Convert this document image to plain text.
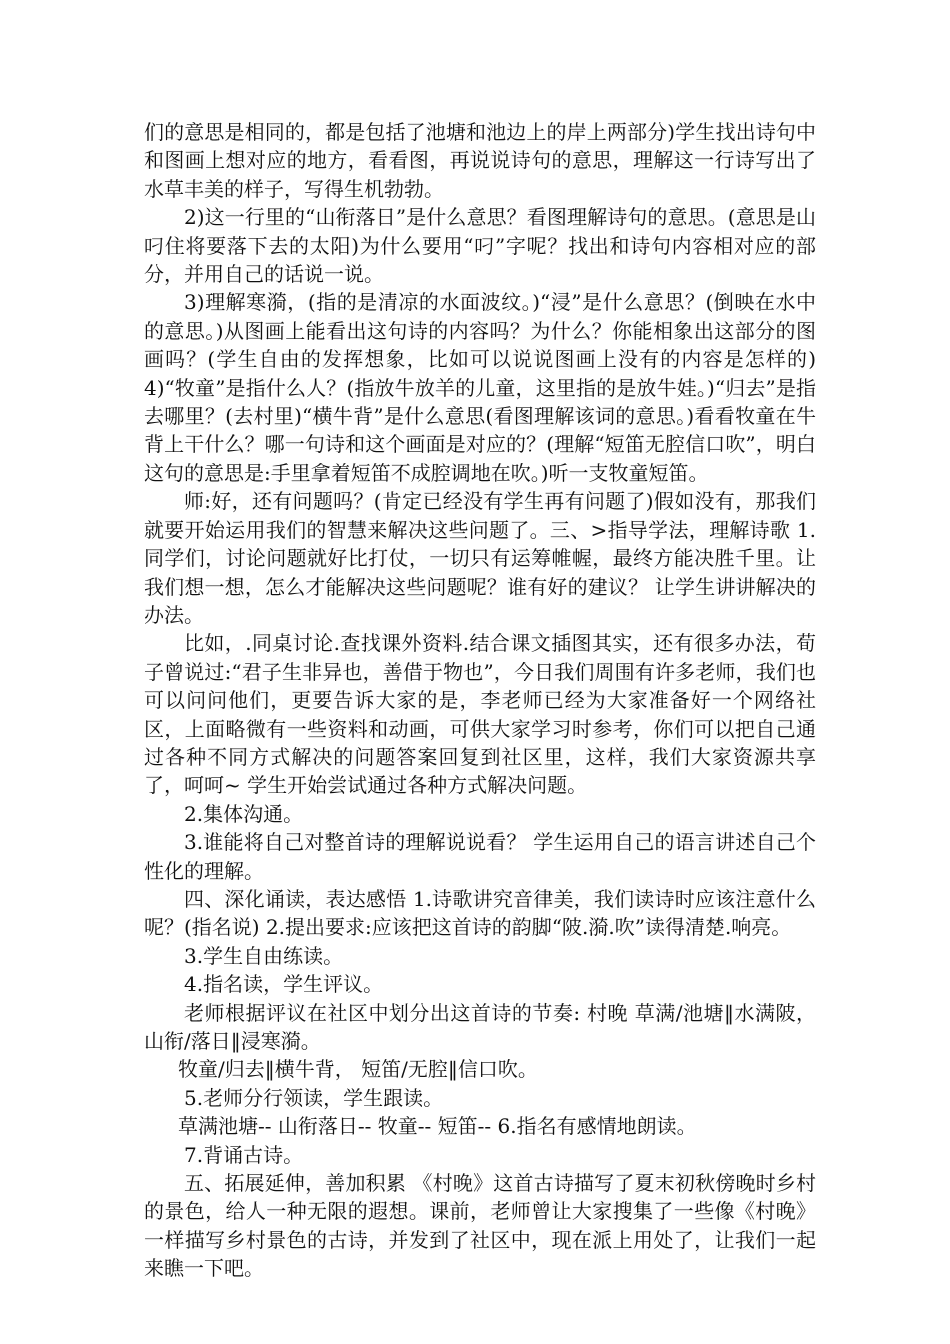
们的意思是相同的，都是包括了池塘和池边上的岸上两部分)学生找出诗句中和图画上想对应的地方，看看图，再说说诗句的意思，理解这一行诗写出了水草丰美的样子，写得生机勃勃。

2)这一行里的“山衔落日”是什么意思？看图理解诗句的意思。(意思是山叼住将要落下去的太阳)为什么要用“叼”字呢？找出和诗句内容相对应的部分，并用自己的话说一说。

3)理解寒漪，(指的是清凉的水面波纹。)“浸”是什么意思？(倒映在水中的意思。)从图画上能看出这句诗的内容吗？为什么？你能相象出这部分的图画吗？(学生自由的发挥想象，比如可以说说图画上没有的内容是怎样的) 4)“牧童”是指什么人？(指放牛放羊的儿童，这里指的是放牛娃。)“归去”是指去哪里？(去村里)“横牛背”是什么意思(看图理解该词的意思。)看看牧童在牛背上干什么？哪一句诗和这个画面是对应的？(理解“短笛无腔信口吹”，明白这句的意思是:手里拿着短笛不成腔调地在吹。)听一支牧童短笛。

师:好，还有问题吗？(肯定已经没有学生再有问题了)假如没有，那我们就要开始运用我们的智慧来解决这些问题了。三、>指导学法，理解诗歌 1.同学们，讨论问题就好比打仗，一切只有运筹帷幄，最终方能决胜千里。让我们想一想，怎么才能解决这些问题呢？谁有好的建议？ 让学生讲讲解决的办法。

比如，.同桌讨论.查找课外资料.结合课文插图其实，还有很多办法，荀子曾说过:“君子生非异也，善借于物也”，今日我们周围有许多老师，我们也可以问问他们，更要告诉大家的是，李老师已经为大家准备好一个网络社区，上面略微有一些资料和动画，可供大家学习时参考，你们可以把自己通过各种不同方式解决的问题答案回复到社区里，这样，我们大家资源共享了，呵呵~ 学生开始尝试通过各种方式解决问题。

2.集体沟通。

3.谁能将自己对整首诗的理解说说看？ 学生运用自己的语言讲述自己个性化的理解。

四、深化诵读，表达感悟 1.诗歌讲究音律美，我们读诗时应该注意什么呢？(指名说) 2.提出要求:应该把这首诗的韵脚“陂.漪.吹”读得清楚.响亮。

3.学生自由练读。

4.指名读，学生评议。

老师根据评议在社区中划分出这首诗的节奏: 村晚 草满/池塘‖水满陂， 山衔/落日‖浸寒漪。

牧童/归去‖横牛背， 短笛/无腔‖信口吹。

5.老师分行领读，学生跟读。

草满池塘-- 山衔落日-- 牧童-- 短笛-- 6.指名有感情地朗读。

7.背诵古诗。

五、拓展延伸，善加积累 《村晚》这首古诗描写了夏末初秋傍晚时乡村的景色，给人一种无限的遐想。课前，老师曾让大家搜集了一些像《村晚》一样描写乡村景色的古诗，并发到了社区中，现在派上用处了，让我们一起来瞧一下吧。
